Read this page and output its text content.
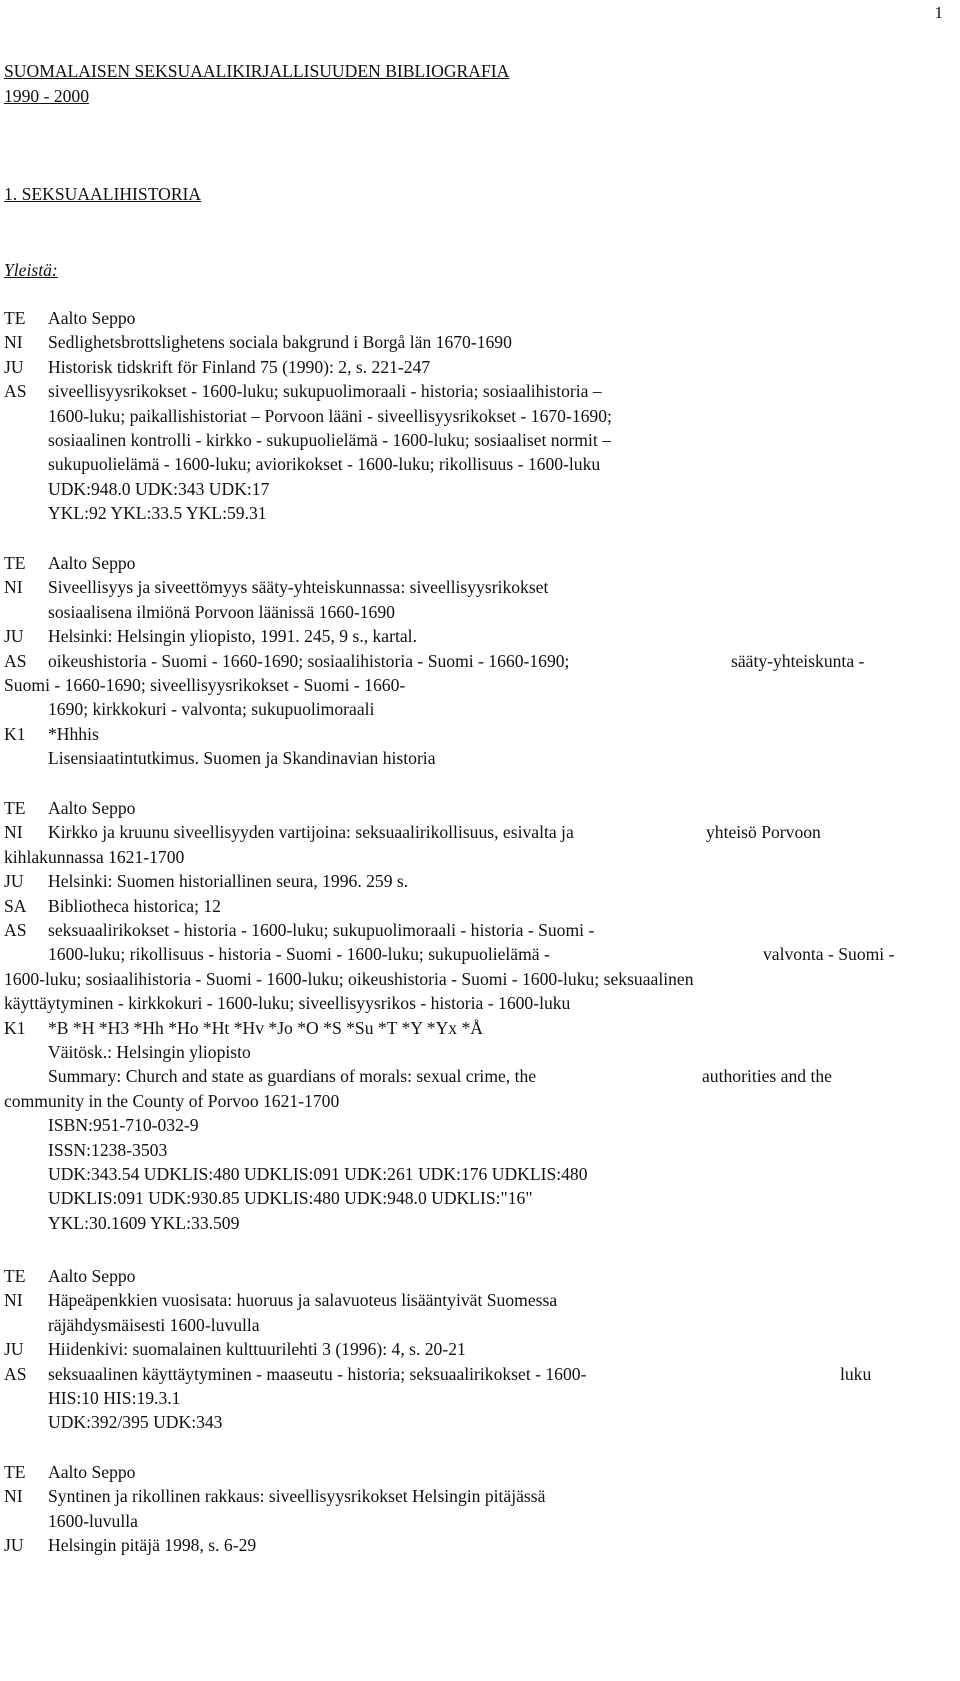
1
SUOMALAISEN SEKSUAALIKIRJALLISUUDEN BIBLIOGRAFIA
1990 - 2000
1. SEKSUAALIHISTORIA
Yleistä:
TE Aalto Seppo
NI Sedlighetsbrottslighetens sociala bakgrund i Borgå län 1670-1690
JU Historisk tidskrift för Finland 75 (1990): 2, s. 221-247
AS siveellisyysrikokset - 1600-luku; sukupuolimoraali - historia; sosiaalihistoria –
1600-luku; paikallishistoriat – Porvoon lääni - siveellisyysrikokset - 1670-1690;
sosiaalinen kontrolli - kirkko - sukupuolielämä - 1600-luku; sosiaaliset normit –
sukupuolielämä - 1600-luku; aviorikokset - 1600-luku; rikollisuus - 1600-luku
UDK:948.0 UDK:343 UDK:17
YKL:92 YKL:33.5 YKL:59.31
TE Aalto Seppo
NI Siveellisyys ja siveettömyys sääty-yhteiskunnassa: siveellisyysrikokset
sosiaalisena ilmiönä Porvoon läänissä 1660-1690
JU Helsinki: Helsingin yliopisto, 1991. 245, 9 s., kartal.
AS oikeushistoria - Suomi - 1660-1690; sosiaalihistoria - Suomi - 1660-1690;	sääty-yhteiskunta -
Suomi - 1660-1690; siveellisyysrikokset - Suomi - 1660-
1690; kirkkokuri - valvonta; sukupuolimoraali
K1 *Hhhis
Lisensiaatintutkimus. Suomen ja Skandinavian historia
TE Aalto Seppo
NI Kirkko ja kruunu siveellisyyden vartijoina: seksuaalirikollisuus, esivalta ja	yhteisö Porvoon
kihlakunnassa 1621-1700
JU Helsinki: Suomen historiallinen seura, 1996. 259 s.
SA Bibliotheca historica; 12
AS seksuaalirikokset - historia - 1600-luku; sukupuolimoraali - historia - Suomi -
1600-luku; rikollisuus - historia - Suomi - 1600-luku; sukupuolielämä -	valvonta - Suomi -
1600-luku; sosiaalihistoria - Suomi - 1600-luku; oikeushistoria - Suomi - 1600-luku; seksuaalinen
käyttäytyminen - kirkkokuri - 1600-luku; siveellisyysrikos - historia - 1600-luku
K1 *B *H *H3 *Hh *Ho *Ht *Hv *Jo *O *S *Su *T *Y *Yx *Å
Väitösk.: Helsingin yliopisto
Summary: Church and state as guardians of morals: sexual crime, the	authorities and the
community in the County of Porvoo 1621-1700
ISBN:951-710-032-9
ISSN:1238-3503
UDK:343.54 UDKLIS:480 UDKLIS:091 UDK:261 UDK:176 UDKLIS:480
UDKLIS:091 UDK:930.85 UDKLIS:480 UDK:948.0 UDKLIS:"16"
YKL:30.1609 YKL:33.509
TE Aalto Seppo
NI Häpeäpenkkien vuosisata: huoruus ja salavuoteus lisääntyivät Suomessa
räjähdysmäisesti 1600-luvulla
JU Hiidenkivi: suomalainen kulttuurilehti 3 (1996): 4, s. 20-21
AS seksuaalinen käyttäytyminen - maaseutu - historia; seksuaalirikokset - 1600-	luku
HIS:10 HIS:19.3.1
UDK:392/395 UDK:343
TE Aalto Seppo
NI Syntinen ja rikollinen rakkaus: siveellisyysrikokset Helsingin pitäjässä
1600-luvulla
JU Helsingin pitäjä 1998, s. 6-29
